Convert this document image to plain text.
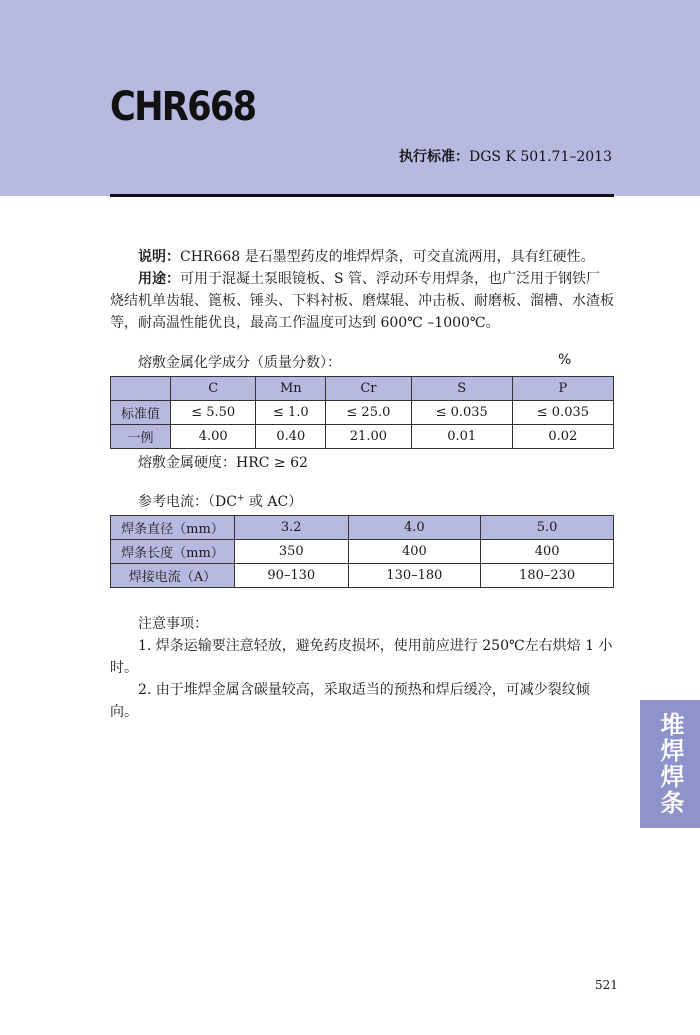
CHR668
执行标准：DGS K 501.71–2013

说明：CHR668 是石墨型药皮的堆焊焊条，可交直流两用，具有红硬性。

用途：可用于混凝土泵眼镜板、S 管、浮动环专用焊条，也广泛用于钢铁厂烧结机单齿辊、篦板、锤头、下料衬板、磨煤辊、冲击板、耐磨板、溜槽、水渣板等，耐高温性能优良，最高工作温度可达到 600℃ –1000℃。

熔敷金属化学成分（质量分数）：	%
	C	Mn	Cr	S	P
标准值	≤ 5.50	≤ 1.0	≤ 25.0	≤ 0.035	≤ 0.035
一例	4.00	0.40	21.00	0.01	0.02
熔敷金属硬度：HRC ≥ 62
参考电流：（DC+ 或 AC）
焊条直径（mm）	3.2	4.0	5.0
焊条长度（mm）	350	400	400
焊接电流（A）	90–130	130–180	180–230

注意事项：

1. 焊条运输要注意轻放，避免药皮损坏，使用前应进行 250℃左右烘焙 1 小时。

2. 由于堆焊金属含碳量较高，采取适当的预热和焊后缓冷，可减少裂纹倾向。	堆焊焊条
521
